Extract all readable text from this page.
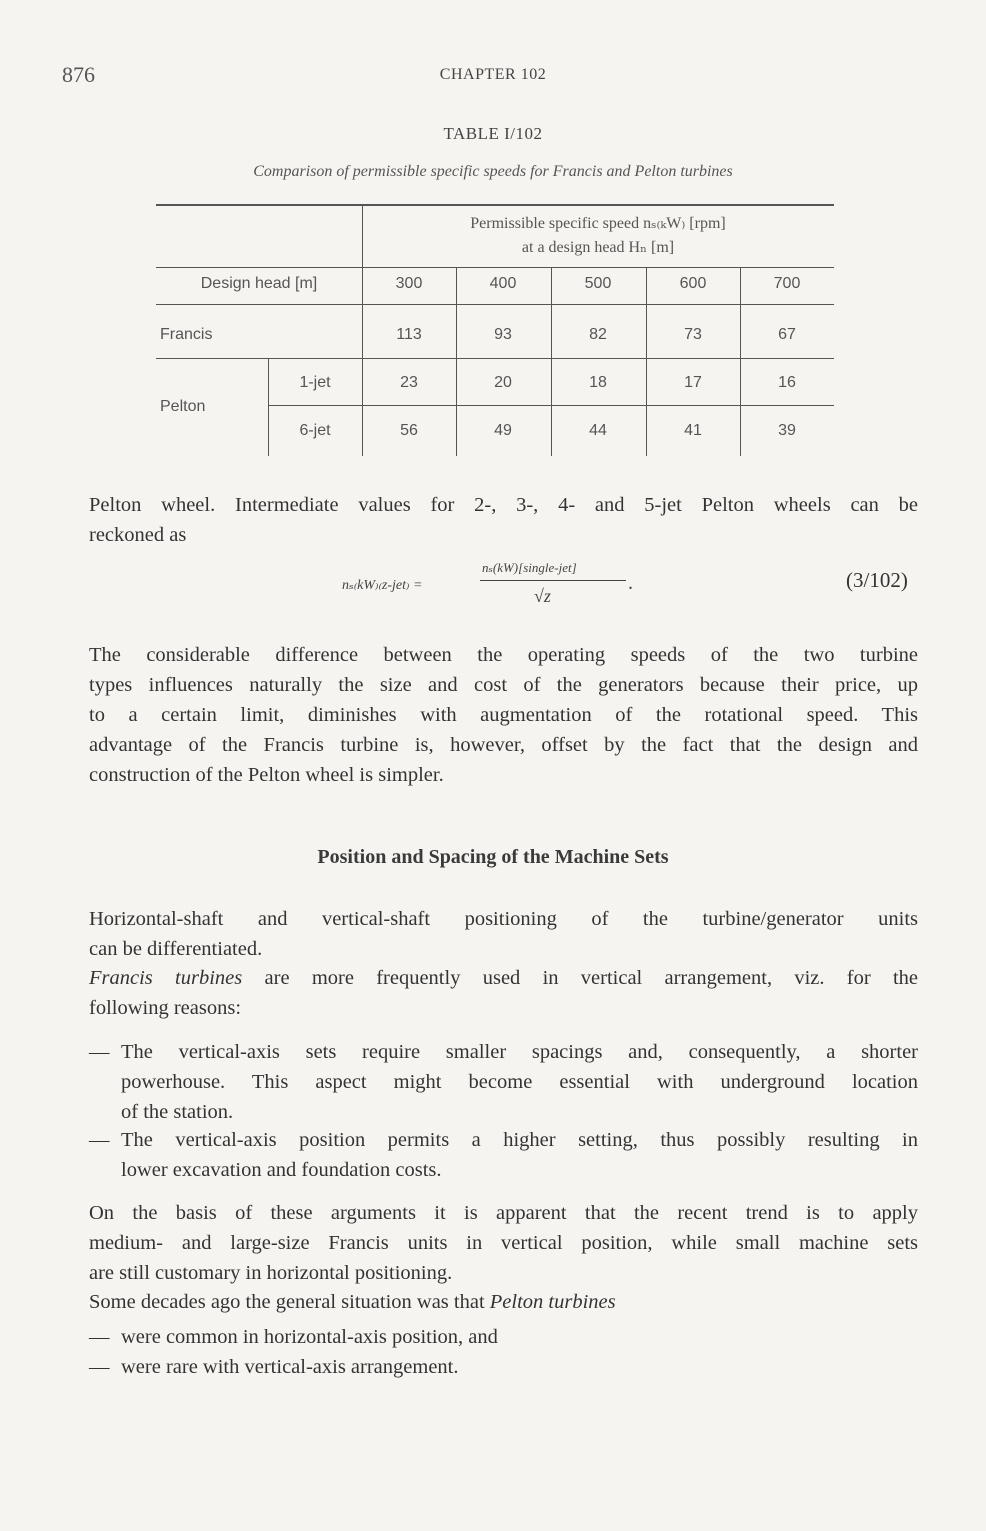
876	CHAPTER 102
TABLE I/102
Comparison of permissible specific speeds for Francis and Pelton turbines
Permissible specific speed nₛ₍ₖW₎ [rpm]
at a design head Hₙ [m]
Design head [m]	300	400	500	600	700
Francis	113	93	82	73	67
Pelton
1-jet	23	20	18	17	16
6-jet	56	49	44	41	39
Pelton wheel. Intermediate values for 2-, 3-, 4- and 5-jet Pelton wheels can be
reckoned as
nₛ₍kW₎₍z-jet₎ =
nₛ(kW)[single-jet]
√z
.	(3/102)
The considerable difference between the operating speeds of the two turbine
types influences naturally the size and cost of the generators because their price, up
to a certain limit, diminishes with augmentation of the rotational speed. This
advantage of the Francis turbine is, however, offset by the fact that the design and
construction of the Pelton wheel is simpler.
Position and Spacing of the Machine Sets
Horizontal-shaft and vertical-shaft positioning of the turbine/generator units
can be differentiated.
Francis turbines are more frequently used in vertical arrangement, viz. for the
following reasons:
— The vertical-axis sets require smaller spacings and, consequently, a shorter
powerhouse. This aspect might become essential with underground location
of the station.
— The vertical-axis position permits a higher setting, thus possibly resulting in
lower excavation and foundation costs.
On the basis of these arguments it is apparent that the recent trend is to apply
medium- and large-size Francis units in vertical position, while small machine sets
are still customary in horizontal positioning.
Some decades ago the general situation was that Pelton turbines
— were common in horizontal-axis position, and
— were rare with vertical-axis arrangement.
